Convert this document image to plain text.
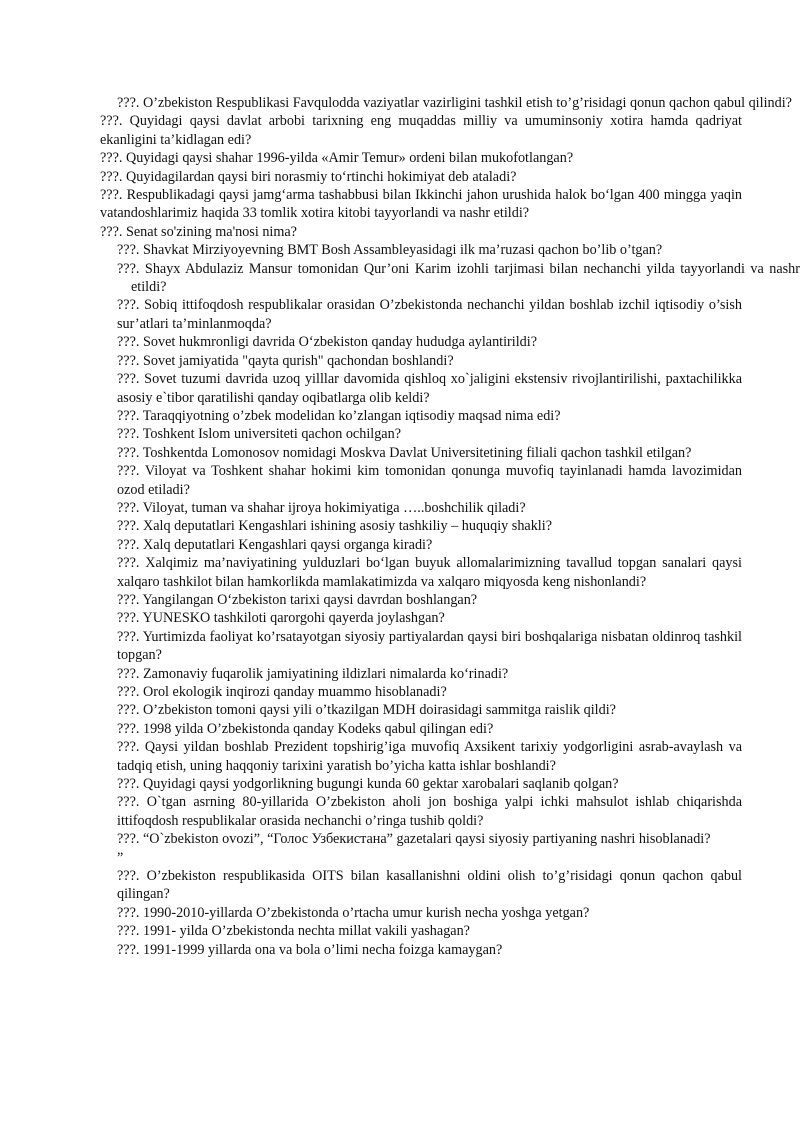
???. O’zbekiston Respublikasi Favqulodda vaziyatlar vazirligini tashkil etish to’g’risidagi qonun qachon qabul qilindi?

???. Quyidagi qaysi davlat arbobi tarixning eng muqaddas milliy va umuminsoniy xotira hamda qadriyat ekanligini ta’kidlagan edi?

???. Quyidagi qaysi shahar 1996-yilda «Amir Temur» ordeni bilan mukofotlangan?

???. Quyidagilardan qaysi biri norasmiy to‘rtinchi hokimiyat deb ataladi?

???. Respublikadagi qaysi jamg‘arma tashabbusi bilan Ikkinchi jahon urushida halok bo‘lgan 400 mingga yaqin vatandoshlarimiz haqida 33 tomlik xotira kitobi tayyorlandi va nashr etildi?

???. Senat so'zining ma'nosi nima?

???. Shavkat Mirziyoyevning BMT Bosh Assambleyasidagi ilk ma’ruzasi qachon bo’lib o’tgan?

???. Shayx Abdulaziz Mansur tomonidan Qur’oni Karim izohli tarjimasi bilan nechanchi yilda tayyorlandi va nashr etildi?

???. Sobiq ittifoqdosh respublikalar orasidan O’zbekistonda nechanchi yildan boshlab izchil iqtisodiy o’sish sur’atlari ta’minlanmoqda?

???. Sovet hukmronligi davrida O‘zbekiston qanday hududga aylantirildi?

???. Sovet jamiyatida "qayta qurish" qachondan boshlandi?

???. Sovet tuzumi davrida uzoq yilllar davomida qishloq xo`jaligini ekstensiv rivojlantirilishi, paxtachilikka asosiy e`tibor qaratilishi qanday oqibatlarga olib keldi?

???. Taraqqiyotning o’zbek modelidan ko’zlangan iqtisodiy maqsad nima edi?

???. Toshkent Islom universiteti qachon ochilgan?

???. Toshkentda Lomonosov nomidagi Moskva Davlat Universitetining filiali qachon tashkil etilgan?

???. Viloyat va Toshkent shahar hokimi kim tomonidan qonunga muvofiq tayinlanadi hamda lavozimidan ozod etiladi?

???. Viloyat, tuman va shahar ijroya hokimiyatiga …..boshchilik qiladi?

???. Xalq deputatlari Kengashlari ishining asosiy tashkiliy – huquqiy shakli?

???. Xalq deputatlari Kengashlari qaysi organga kiradi?

???. Xalqimiz ma’naviyatining yulduzlari bo‘lgan buyuk allomalarimizning tavallud topgan sanalari qaysi xalqaro tashkilot bilan hamkorlikda mamlakatimizda va xalqaro miqyosda keng nishonlandi?

???. Yangilangan O‘zbekiston tarixi qaysi davrdan boshlangan?

???. YUNESKO tashkiloti qarorgohi qayerda joylashgan?

???. Yurtimizda faoliyat ko’rsatayotgan siyosiy partiyalardan qaysi biri boshqalariga nisbatan oldinroq tashkil topgan?

???. Zamonaviy fuqarolik jamiyatining ildizlari nimalarda ko‘rinadi?

???. Orol ekologik inqirozi qanday muammo hisoblanadi?

???. O’zbekiston tomoni qaysi yili o’tkazilgan MDH doirasidagi sammitga raislik qildi?

???. 1998 yilda O’zbekistonda qanday Kodeks qabul qilingan edi?

???. Qaysi yildan boshlab Prezident topshirig’iga muvofiq Axsikent tarixiy yodgorligini asrab-avaylash va tadqiq etish, uning haqqoniy tarixini yaratish bo’yicha katta ishlar boshlandi?

???. Quyidagi qaysi yodgorlikning bugungi kunda 60 gektar xarobalari saqlanib qolgan?

???. O`tgan asrning 80-yillarida O’zbekiston aholi jon boshiga yalpi ichki mahsulot ishlab chiqarishda ittifoqdosh respublikalar orasida nechanchi o’ringa tushib qoldi?

???. “O`zbekiston ovozi”, “Голос Узбекистана” gazetalari qaysi siyosiy partiyaning nashri hisoblanadi?

”

???. O’zbekiston respublikasida OITS bilan kasallanishni oldini olish to’g’risidagi qonun qachon qabul qilingan?

???. 1990-2010-yillarda O’zbekistonda o’rtacha umur kurish necha yoshga yetgan?

???. 1991- yilda O’zbekistonda nechta millat vakili yashagan?

???. 1991-1999 yillarda ona va bola o’limi necha foizga kamaygan?
